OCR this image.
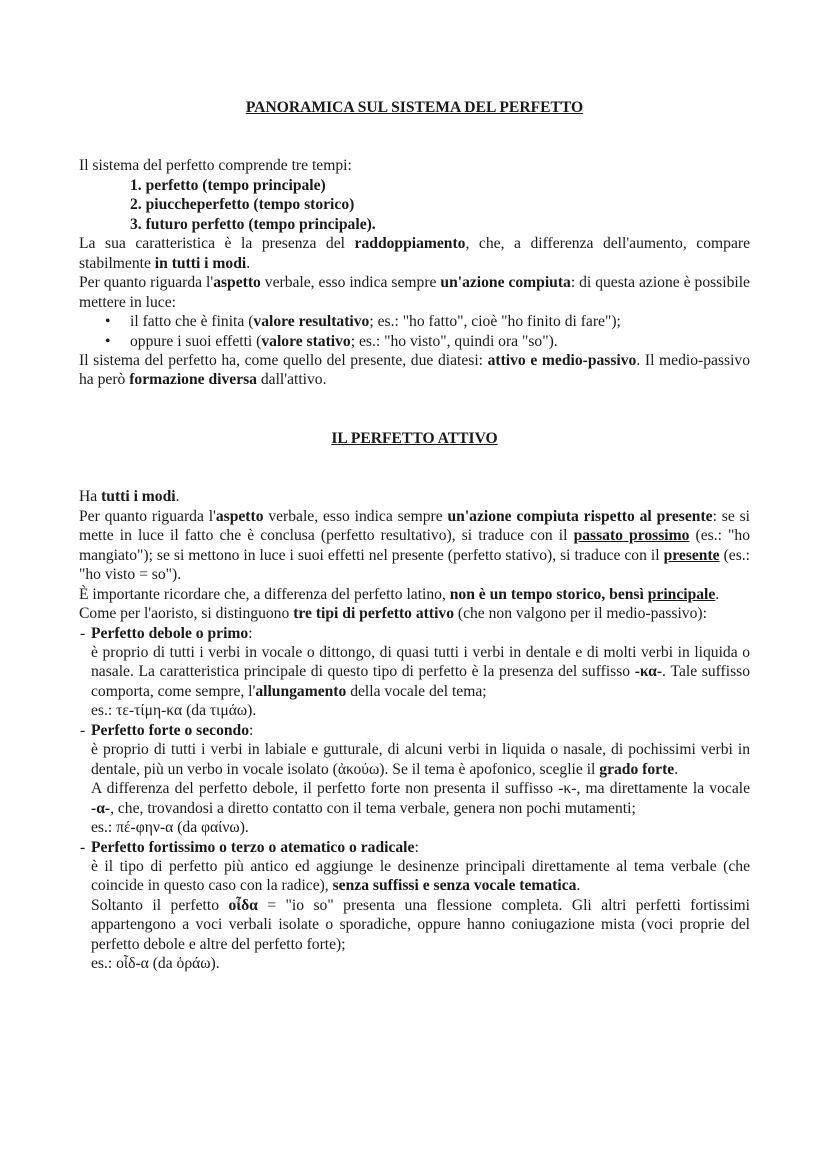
PANORAMICA SUL SISTEMA DEL PERFETTO

Il sistema del perfetto comprende tre tempi:

1. perfetto (tempo principale)

2. piuccheperfetto (tempo storico)

3. futuro perfetto (tempo principale).

La sua caratteristica è la presenza del raddoppiamento, che, a differenza dell'aumento, compare stabilmente in tutti i modi.

Per quanto riguarda l'aspetto verbale, esso indica sempre un'azione compiuta: di questa azione è possibile mettere in luce:

• il fatto che è finita (valore resultativo; es.: "ho fatto", cioè "ho finito di fare");

• oppure i suoi effetti (valore stativo; es.: "ho visto", quindi ora "so").

Il sistema del perfetto ha, come quello del presente, due diatesi: attivo e medio-passivo. Il medio-passivo ha però formazione diversa dall'attivo.

IL PERFETTO ATTIVO

Ha tutti i modi.

Per quanto riguarda l'aspetto verbale, esso indica sempre un'azione compiuta rispetto al presente: se si mette in luce il fatto che è conclusa (perfetto resultativo), si traduce con il passato prossimo (es.: "ho mangiato"); se si mettono in luce i suoi effetti nel presente (perfetto stativo), si traduce con il presente (es.: "ho visto = so").

È importante ricordare che, a differenza del perfetto latino, non è un tempo storico, bensì principale.

Come per l'aoristo, si distinguono tre tipi di perfetto attivo (che non valgono per il medio-passivo):

- Perfetto debole o primo:

è proprio di tutti i verbi in vocale o dittongo, di quasi tutti i verbi in dentale e di molti verbi in liquida o nasale. La caratteristica principale di questo tipo di perfetto è la presenza del suffisso -κα-. Tale suffisso comporta, come sempre, l'allungamento della vocale del tema;

es.: τε-τίμη-κα (da τιμάω).

- Perfetto forte o secondo:

è proprio di tutti i verbi in labiale e gutturale, di alcuni verbi in liquida o nasale, di pochissimi verbi in dentale, più un verbo in vocale isolato (ἀκούω). Se il tema è apofonico, sceglie il grado forte.

A differenza del perfetto debole, il perfetto forte non presenta il suffisso -κ-, ma direttamente la vocale -α-, che, trovandosi a diretto contatto con il tema verbale, genera non pochi mutamenti;

es.: πέ-φην-α (da φαίνω).

- Perfetto fortissimo o terzo o atematico o radicale:

è il tipo di perfetto più antico ed aggiunge le desinenze principali direttamente al tema verbale (che coincide in questo caso con la radice), senza suffissi e senza vocale tematica.

Soltanto il perfetto οἶδα = "io so" presenta una flessione completa. Gli altri perfetti fortissimi appartengono a voci verbali isolate o sporadiche, oppure hanno coniugazione mista (voci proprie del perfetto debole e altre del perfetto forte);

es.: οἶδ-α (da ὁράω).
